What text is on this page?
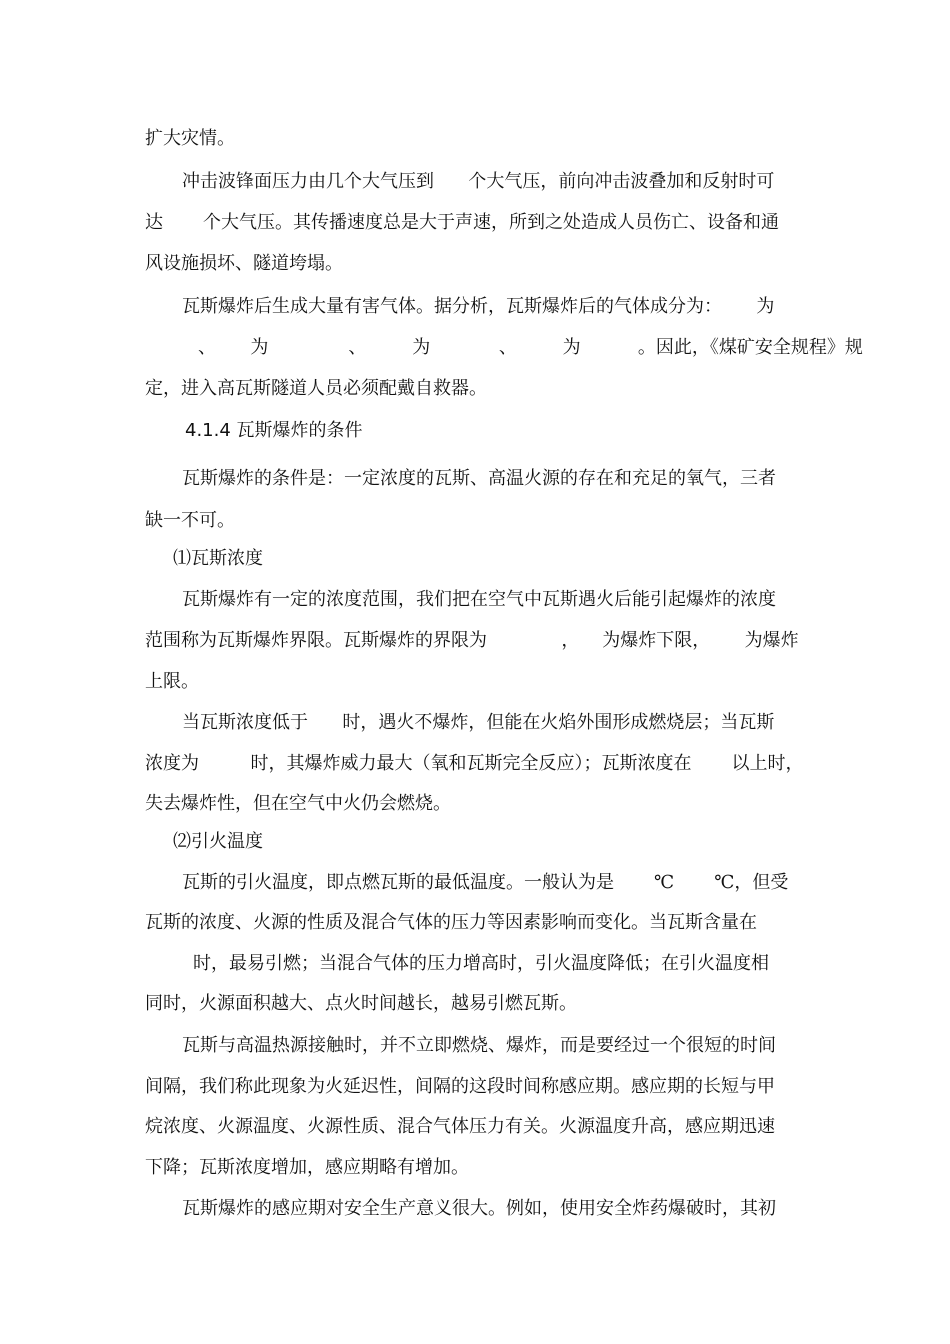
扩大灾情。
冲击波锋面压力由几个大气压到      个大气压，前向冲击波叠加和反射时可
达       个大气压。其传播速度总是大于声速，所到之处造成人员伤亡、设备和通
风设施损坏、隧道垮塌。
瓦斯爆炸后生成大量有害气体。据分析，瓦斯爆炸后的气体成分为：      为
、      为              、        为            、        为          。因此，《煤矿安全规程》规
定，进入高瓦斯隧道人员必须配戴自救器。
4.1.4 瓦斯爆炸的条件
瓦斯爆炸的条件是：一定浓度的瓦斯、高温火源的存在和充足的氧气，三者
缺一不可。
⑴瓦斯浓度
瓦斯爆炸有一定的浓度范围，我们把在空气中瓦斯遇火后能引起爆炸的浓度
范围称为瓦斯爆炸界限。瓦斯爆炸的界限为             ，    为爆炸下限，      为爆炸
上限。
当瓦斯浓度低于      时，遇火不爆炸，但能在火焰外围形成燃烧层；当瓦斯
浓度为         时，其爆炸威力最大（氧和瓦斯完全反应）；瓦斯浓度在       以上时，
失去爆炸性，但在空气中火仍会燃烧。
⑵引火温度
瓦斯的引火温度，即点燃瓦斯的最低温度。一般认为是       ℃       ℃，但受
瓦斯的浓度、火源的性质及混合气体的压力等因素影响而变化。当瓦斯含量在
时，最易引燃；当混合气体的压力增高时，引火温度降低；在引火温度相
同时，火源面积越大、点火时间越长，越易引燃瓦斯。
瓦斯与高温热源接触时，并不立即燃烧、爆炸，而是要经过一个很短的时间
间隔，我们称此现象为火延迟性，间隔的这段时间称感应期。感应期的长短与甲
烷浓度、火源温度、火源性质、混合气体压力有关。火源温度升高，感应期迅速
下降；瓦斯浓度增加，感应期略有增加。
瓦斯爆炸的感应期对安全生产意义很大。例如，使用安全炸药爆破时，其初
